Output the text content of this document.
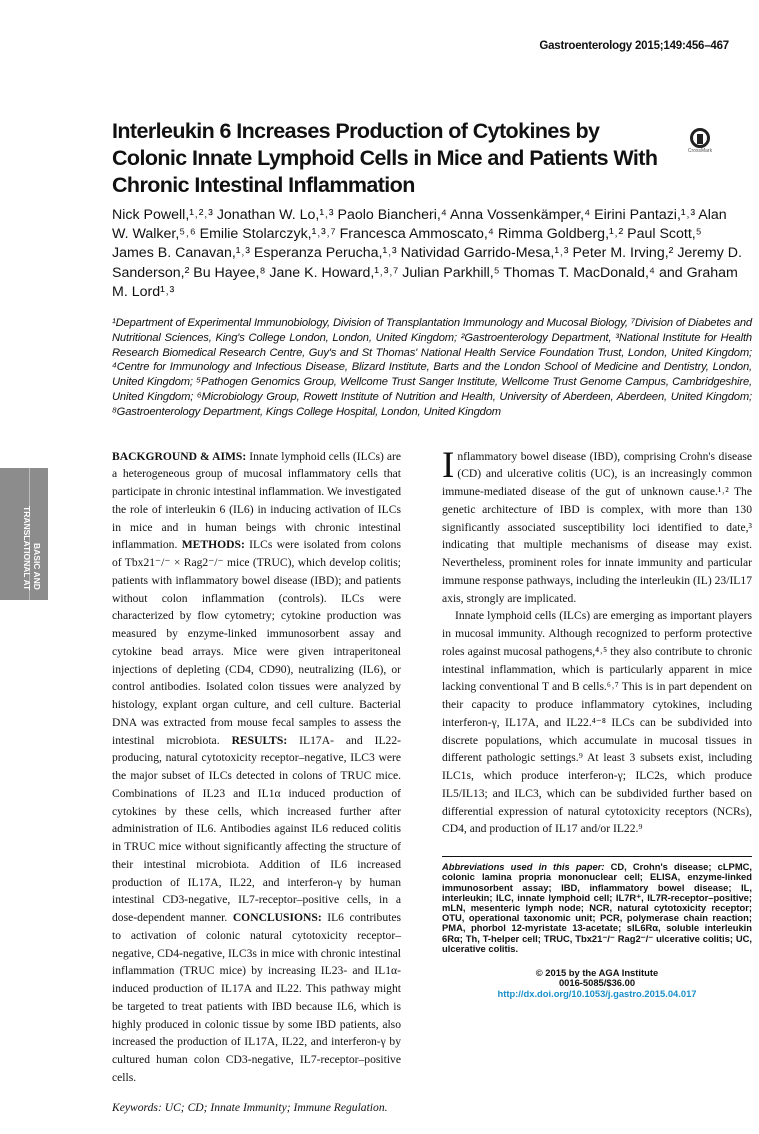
Gastroenterology 2015;149:456–467
CrossMark
Interleukin 6 Increases Production of Cytokines by Colonic Innate Lymphoid Cells in Mice and Patients With Chronic Intestinal Inflammation
Nick Powell,¹˒²˒³ Jonathan W. Lo,¹˒³ Paolo Biancheri,⁴ Anna Vossenkämper,⁴ Eirini Pantazi,¹˒³ Alan W. Walker,⁵˒⁶ Emilie Stolarczyk,¹˒³˒⁷ Francesca Ammoscato,⁴ Rimma Goldberg,¹˒² Paul Scott,⁵ James B. Canavan,¹˒³ Esperanza Perucha,¹˒³ Natividad Garrido-Mesa,¹˒³ Peter M. Irving,² Jeremy D. Sanderson,² Bu Hayee,⁸ Jane K. Howard,¹˒³˒⁷ Julian Parkhill,⁵ Thomas T. MacDonald,⁴ and Graham M. Lord¹˒³
¹Department of Experimental Immunobiology, Division of Transplantation Immunology and Mucosal Biology, ⁷Division of Diabetes and Nutritional Sciences, King's College London, London, United Kingdom; ²Gastroenterology Department, ³National Institute for Health Research Biomedical Research Centre, Guy's and St Thomas' National Health Service Foundation Trust, London, United Kingdom; ⁴Centre for Immunology and Infectious Disease, Blizard Institute, Barts and the London School of Medicine and Dentistry, London, United Kingdom; ⁵Pathogen Genomics Group, Wellcome Trust Sanger Institute, Wellcome Trust Genome Campus, Cambridgeshire, United Kingdom; ⁶Microbiology Group, Rowett Institute of Nutrition and Health, University of Aberdeen, Aberdeen, United Kingdom; ⁸Gastroenterology Department, Kings College Hospital, London, United Kingdom
BASIC AND TRANSLATIONAL AT
BACKGROUND & AIMS: Innate lymphoid cells (ILCs) are a heterogeneous group of mucosal inflammatory cells that participate in chronic intestinal inflammation. We investigated the role of interleukin 6 (IL6) in inducing activation of ILCs in mice and in human beings with chronic intestinal inflammation. METHODS: ILCs were isolated from colons of Tbx21⁻/⁻ × Rag2⁻/⁻ mice (TRUC), which develop colitis; patients with inflammatory bowel disease (IBD); and patients without colon inflammation (controls). ILCs were characterized by flow cytometry; cytokine production was measured by enzyme-linked immunosorbent assay and cytokine bead arrays. Mice were given intraperitoneal injections of depleting (CD4, CD90), neutralizing (IL6), or control antibodies. Isolated colon tissues were analyzed by histology, explant organ culture, and cell culture. Bacterial DNA was extracted from mouse fecal samples to assess the intestinal microbiota. RESULTS: IL17A- and IL22-producing, natural cytotoxicity receptor–negative, ILC3 were the major subset of ILCs detected in colons of TRUC mice. Combinations of IL23 and IL1α induced production of cytokines by these cells, which increased further after administration of IL6. Antibodies against IL6 reduced colitis in TRUC mice without significantly affecting the structure of their intestinal microbiota. Addition of IL6 increased production of IL17A, IL22, and interferon-γ by human intestinal CD3-negative, IL7-receptor–positive cells, in a dose-dependent manner. CONCLUSIONS: IL6 contributes to activation of colonic natural cytotoxicity receptor–negative, CD4-negative, ILC3s in mice with chronic intestinal inflammation (TRUC mice) by increasing IL23- and IL1α-induced production of IL17A and IL22. This pathway might be targeted to treat patients with IBD because IL6, which is highly produced in colonic tissue by some IBD patients, also increased the production of IL17A, IL22, and interferon-γ by cultured human colon CD3-negative, IL7-receptor–positive cells.
Keywords: UC; CD; Innate Immunity; Immune Regulation.

Inflammatory bowel disease (IBD), comprising Crohn's disease (CD) and ulcerative colitis (UC), is an increasingly common immune-mediated disease of the gut of unknown cause.¹˒² The genetic architecture of IBD is complex, with more than 130 significantly associated susceptibility loci identified to date,³ indicating that multiple mechanisms of disease may exist. Nevertheless, prominent roles for innate immunity and particular immune response pathways, including the interleukin (IL) 23/IL17 axis, strongly are implicated.

Innate lymphoid cells (ILCs) are emerging as important players in mucosal immunity. Although recognized to perform protective roles against mucosal pathogens,⁴˒⁵ they also contribute to chronic intestinal inflammation, which is particularly apparent in mice lacking conventional T and B cells.⁶˒⁷ This is in part dependent on their capacity to produce inflammatory cytokines, including interferon-γ, IL17A, and IL22.⁴⁻⁸ ILCs can be subdivided into discrete populations, which accumulate in mucosal tissues in different pathologic settings.⁹ At least 3 subsets exist, including ILC1s, which produce interferon-γ; ILC2s, which produce IL5/IL13; and ILC3, which can be subdivided further based on differential expression of natural cytotoxicity receptors (NCRs), CD4, and production of IL17 and/or IL22.⁹

Abbreviations used in this paper: CD, Crohn's disease; cLPMC, colonic lamina propria mononuclear cell; ELISA, enzyme-linked immunosorbent assay; IBD, inflammatory bowel disease; IL, interleukin; ILC, innate lymphoid cell; IL7R⁺, IL7R-receptor–positive; mLN, mesenteric lymph node; NCR, natural cytotoxicity receptor; OTU, operational taxonomic unit; PCR, polymerase chain reaction; PMA, phorbol 12-myristate 13-acetate; sIL6Rα, soluble interleukin 6Rα; Th, T-helper cell; TRUC, Tbx21⁻/⁻ Rag2⁻/⁻ ulcerative colitis; UC, ulcerative colitis.
© 2015 by the AGA Institute
0016-5085/$36.00
http://dx.doi.org/10.1053/j.gastro.2015.04.017
